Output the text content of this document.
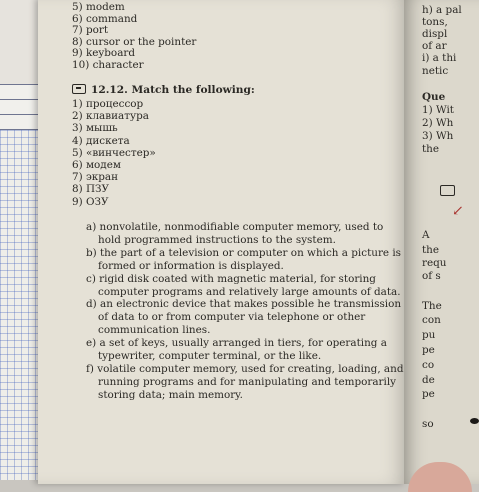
5) modem
6) command
7) port
8) cursor or the pointer
9) keyboard
10) character
12.12. Match the following:
1) процессор
2) клавиатура
3) мышь
4) дискета
5) «винчестер»
6) модем
7) экран
8) ПЗУ
9) ОЗУ
a) nonvolatile, nonmodifiable computer memory, used to hold programmed instructions to the system.
b) the part of a television or computer on which a picture is formed or information is displayed.
c) rigid disk coated with magnetic material, for storing computer programs and relatively large amounts of data.
d) an electronic device that makes possible he transmission of data to or from computer via telephone or other communication lines.
e) a set of keys, usually arranged in tiers, for operating a typewriter, computer terminal, or the like.
f) volatile computer memory, used for creating, loading, and running programs and for manipulating and temporarily storing data; main memory.
h) a pal
tons,
displ
of ar
i) a thi
netic
Que
1) Wit
2) Wh
3) Wh
the
A
the
requ
of s
The
con
pu
pe
co
de
pe
so
↙
